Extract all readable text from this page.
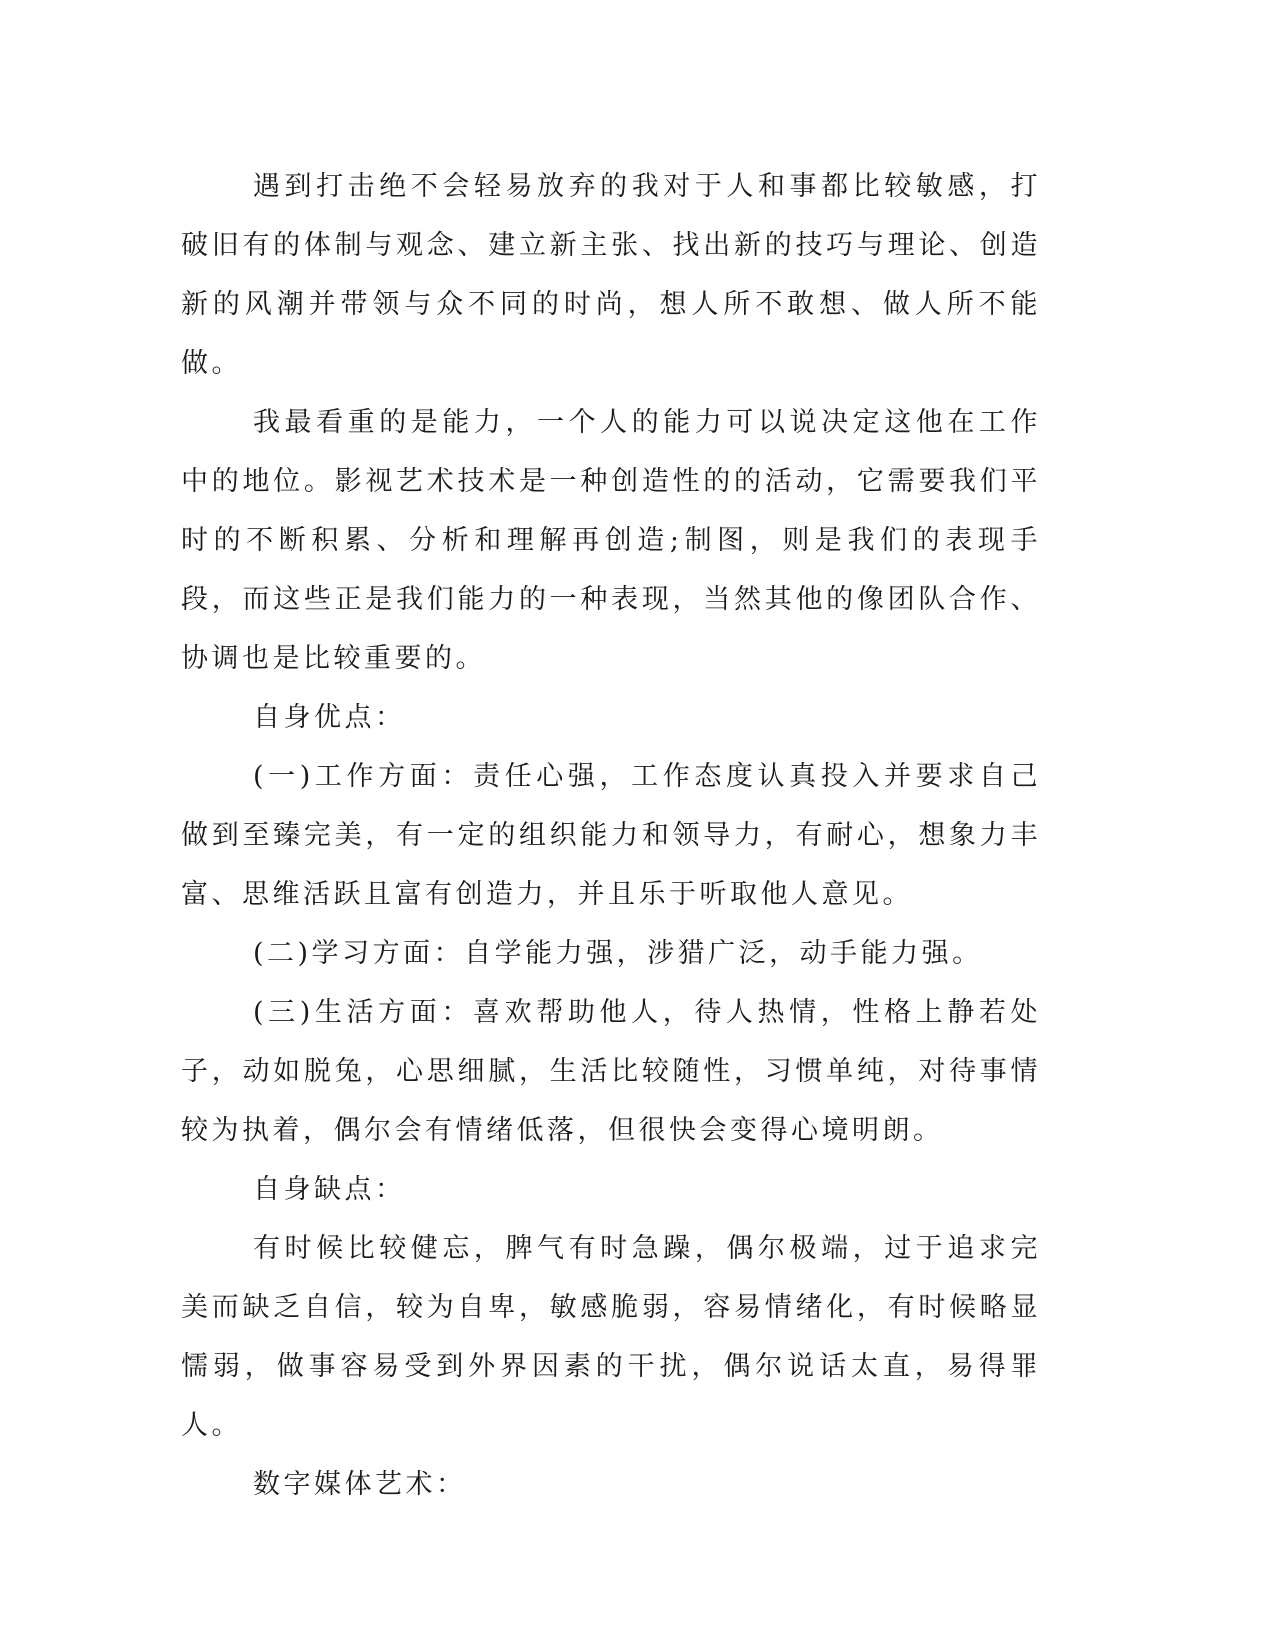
遇到打击绝不会轻易放弃的我对于人和事都比较敏感，打破旧有的体制与观念、建立新主张、找出新的技巧与理论、创造新的风潮并带领与众不同的时尚，想人所不敢想、做人所不能做。

我最看重的是能力，一个人的能力可以说决定这他在工作中的地位。影视艺术技术是一种创造性的的活动，它需要我们平时的不断积累、分析和理解再创造;制图，则是我们的表现手段，而这些正是我们能力的一种表现，当然其他的像团队合作、协调也是比较重要的。

自身优点：

(一)工作方面：责任心强，工作态度认真投入并要求自己做到至臻完美，有一定的组织能力和领导力，有耐心，想象力丰富、思维活跃且富有创造力，并且乐于听取他人意见。

(二)学习方面：自学能力强，涉猎广泛，动手能力强。

(三)生活方面：喜欢帮助他人，待人热情，性格上静若处子，动如脱兔，心思细腻，生活比较随性，习惯单纯，对待事情较为执着，偶尔会有情绪低落，但很快会变得心境明朗。

自身缺点：

有时候比较健忘，脾气有时急躁，偶尔极端，过于追求完美而缺乏自信，较为自卑，敏感脆弱，容易情绪化，有时候略显懦弱，做事容易受到外界因素的干扰，偶尔说话太直，易得罪人。

数字媒体艺术：
